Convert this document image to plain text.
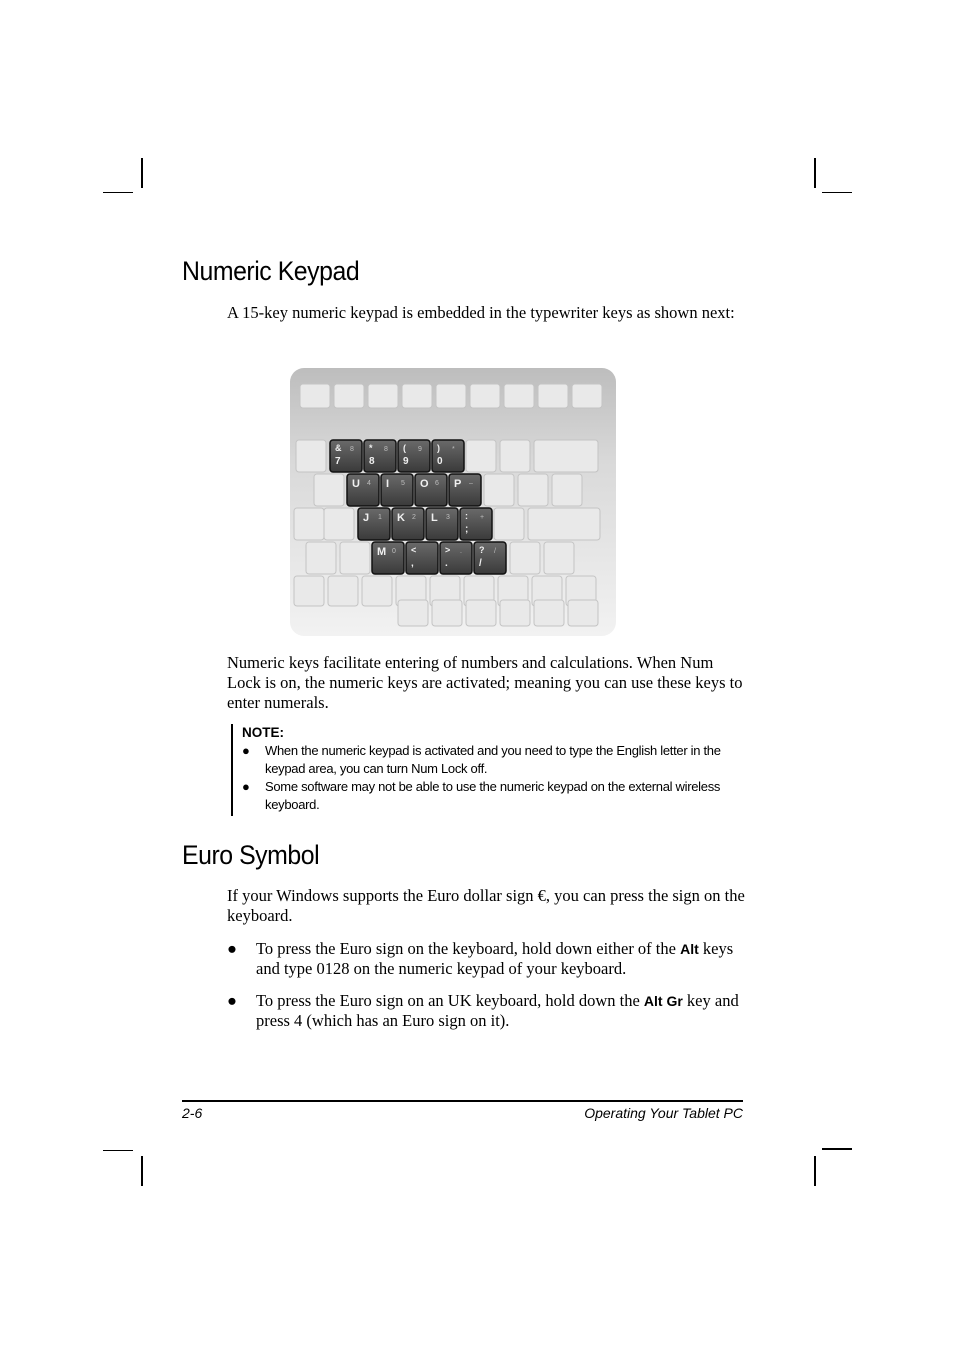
Numeric Keypad

A 15-key numeric keypad is embedded in the typewriter keys as shown next:

&
7
8 *
8
8 (
9
9 )
0
*
U 4 I 5 O 6 P –
J 1 K 2 L 3 :
;
+
M 0 <
,
>
.
. ?
/
/

Numeric keys facilitate entering of numbers and calculations. When Num Lock is on, the numeric keys are activated; meaning you can use these keys to enter numerals.

NOTE:
● When the numeric keypad is activated and you need to type the English letter in the keypad area, you can turn Num Lock off.
● Some software may not be able to use the numeric keypad on the external wireless keyboard.
Euro Symbol

If your Windows supports the Euro dollar sign €, you can press the sign on the keyboard.

● To press the Euro sign on the keyboard, hold down either of the Alt keys and type 0128 on the numeric keypad of your keyboard.
● To press the Euro sign on an UK keyboard, hold down the Alt Gr key and press 4 (which has an Euro sign on it).
2-6	Operating Your Tablet PC
